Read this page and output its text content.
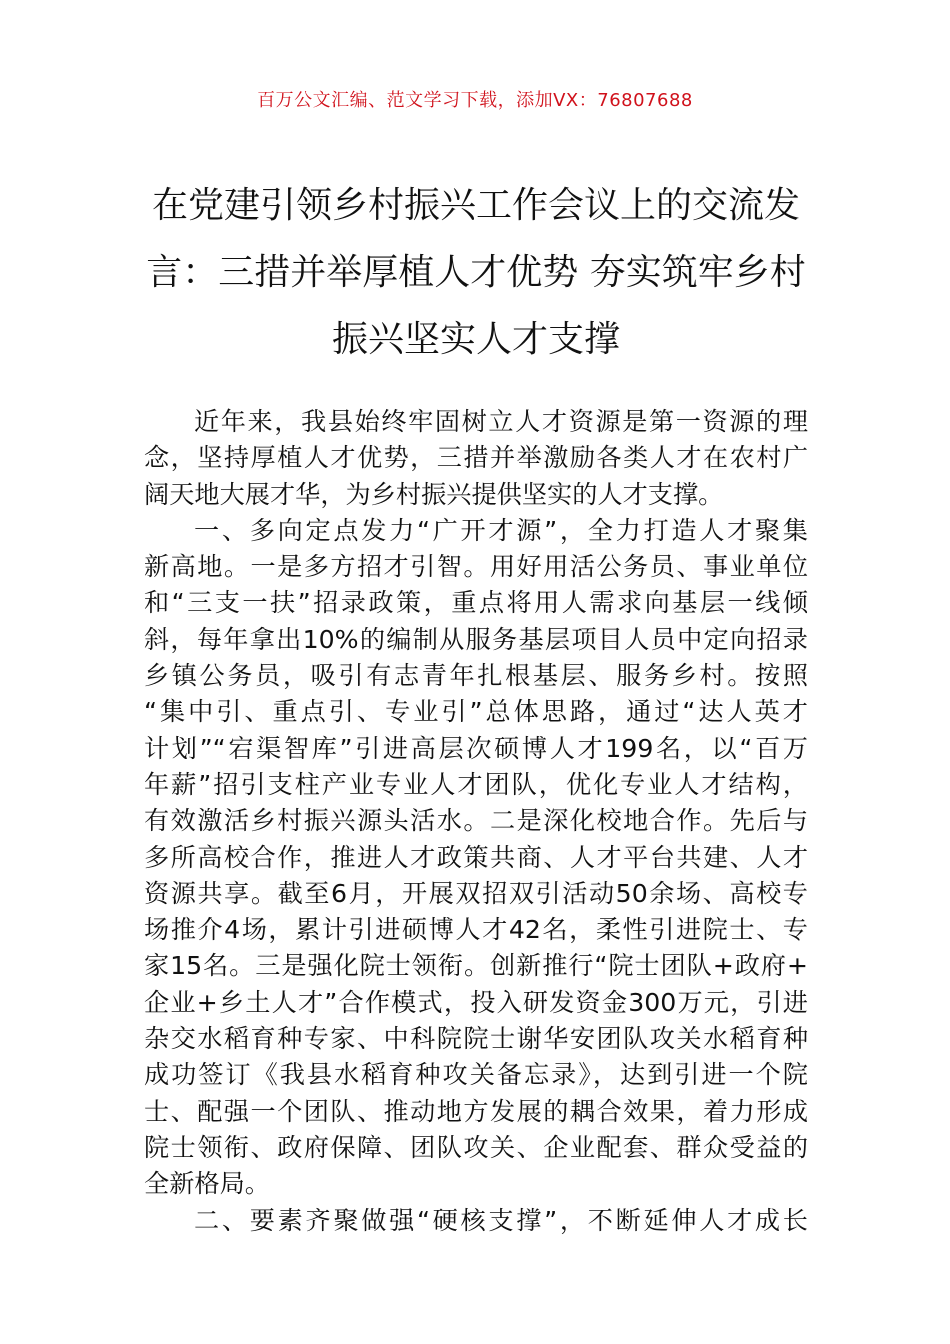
百万公文汇编、范文学习下载，添加VX：76807688
在党建引领乡村振兴工作会议上的交流发
言：三措并举厚植人才优势 夯实筑牢乡村
振兴坚实人才支撑
近年来，我县始终牢固树立人才资源是第一资源的理
念，坚持厚植人才优势，三措并举激励各类人才在农村广
阔天地大展才华，为乡村振兴提供坚实的人才支撑。
一、多向定点发力“广开才源”，全力打造人才聚集
新高地。一是多方招才引智。用好用活公务员、事业单位
和“三支一扶”招录政策，重点将用人需求向基层一线倾
斜，每年拿出10%的编制从服务基层项目人员中定向招录
乡镇公务员，吸引有志青年扎根基层、服务乡村。按照
“集中引、重点引、专业引”总体思路，通过“达人英才
计划”“宕渠智库”引进高层次硕博人才199名，以“百万
年薪”招引支柱产业专业人才团队，优化专业人才结构，
有效激活乡村振兴源头活水。二是深化校地合作。先后与
多所高校合作，推进人才政策共商、人才平台共建、人才
资源共享。截至6月，开展双招双引活动50余场、高校专
场推介4场，累计引进硕博人才42名，柔性引进院士、专
家15名。三是强化院士领衔。创新推行“院士团队+政府+
企业+乡土人才”合作模式，投入研发资金300万元，引进
杂交水稻育种专家、中科院院士谢华安团队攻关水稻育种
成功签订《我县水稻育种攻关备忘录》，达到引进一个院
士、配强一个团队、推动地方发展的耦合效果，着力形成
院士领衔、政府保障、团队攻关、企业配套、群众受益的
全新格局。
二、要素齐聚做强“硬核支撑”，不断延伸人才成长
